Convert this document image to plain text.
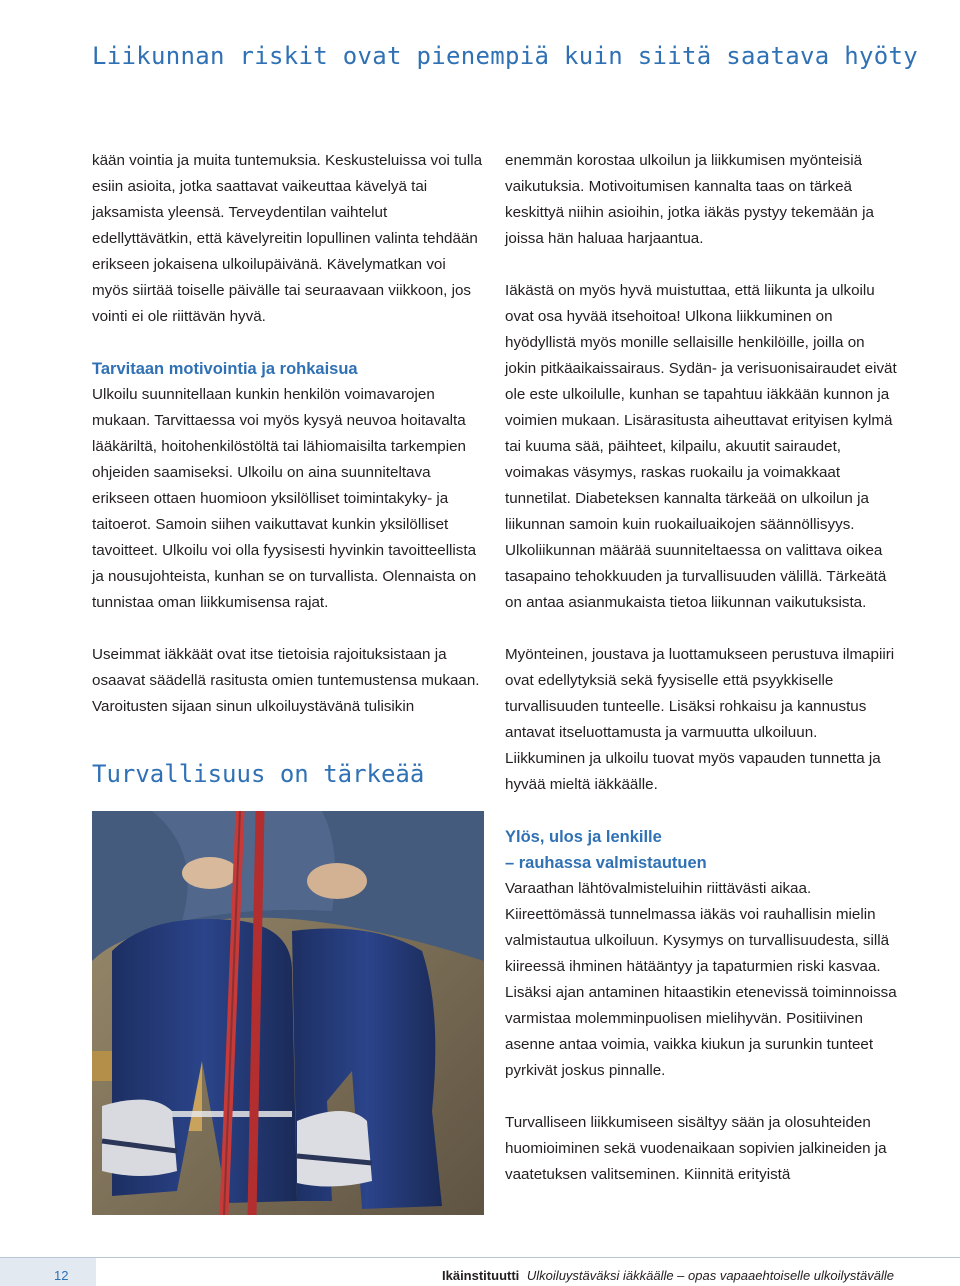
Liikunnan riskit ovat pienempiä kuin siitä saatava hyöty

kään vointia ja muita tuntemuksia. Keskusteluissa voi tulla esiin asioita, jotka saattavat vaikeuttaa kävelyä tai jaksamista yleensä. Terveydentilan vaihtelut edellyttävätkin, että kävelyreitin lopullinen valinta tehdään erikseen jokaisena ulkoilupäivänä. Kävelymatkan voi myös siirtää toiselle päivälle tai seuraavaan viikkoon, jos vointi ei ole riittävän hyvä.

Tarvitaan motivointia ja rohkaisua

Ulkoilu suunnitellaan kunkin henkilön voimavarojen mukaan. Tarvittaessa voi myös kysyä neuvoa hoitavalta lääkäriltä, hoitohenkilöstöltä tai lähiomaisilta tarkempien ohjeiden saamiseksi. Ulkoilu on aina suunniteltava erikseen ottaen huomioon yksilölliset toimintakyky- ja taitoerot. Samoin siihen vaikuttavat kunkin yksilölliset tavoitteet. Ulkoilu voi olla fyysisesti hyvinkin tavoitteellista ja nousujohteista, kunhan se on turvallista. Olennaista on tunnistaa oman liikkumisensa rajat.

Useimmat iäkkäät ovat itse tietoisia rajoituksistaan ja osaavat säädellä rasitusta omien tuntemustensa mukaan. Varoitusten sijaan sinun ulkoiluystävänä tulisikin

Turvallisuus on tärkeää

enemmän korostaa ulkoilun ja liikkumisen myönteisiä vaikutuksia. Motivoitumisen kannalta taas on tärkeä keskittyä niihin asioihin, jotka iäkäs pystyy tekemään ja joissa hän haluaa harjaantua.

Iäkästä on myös hyvä muistuttaa, että liikunta ja ulkoilu ovat osa hyvää itsehoitoa! Ulkona liikkuminen on hyödyllistä myös monille sellaisille henkilöille, joilla on jokin pitkäaikaissairaus. Sydän- ja verisuonisairaudet eivät ole este ulkoilulle, kunhan se tapahtuu iäkkään kunnon ja voimien mukaan. Lisärasitusta aiheuttavat erityisen kylmä tai kuuma sää, päihteet, kilpailu, akuutit sairaudet, voimakas väsymys, raskas ruokailu ja voimakkaat tunnetilat. Diabeteksen kannalta tärkeää on ulkoilun ja liikunnan samoin kuin ruokailuaikojen säännöllisyys. Ulkoliikunnan määrää suunniteltaessa on valittava oikea tasapaino tehokkuuden ja turvallisuuden välillä. Tärkeätä on antaa asianmukaista tietoa liikunnan vaikutuksista.

Myönteinen, joustava ja luottamukseen perustuva ilmapiiri ovat edellytyksiä sekä fyysiselle että psyykkiselle turvallisuuden tunteelle. Lisäksi rohkaisu ja kannustus antavat itseluottamusta ja varmuutta ulkoiluun. Liikkuminen ja ulkoilu tuovat myös vapauden tunnetta ja hyvää mieltä iäkkäälle.

Ylös, ulos ja lenkille
– rauhassa valmistautuen

Varaathan lähtövalmisteluihin riittävästi aikaa. Kiireettömässä tunnelmassa iäkäs voi rauhallisin mielin valmistautua ulkoiluun. Kysymys on turvallisuudesta, sillä kiireessä ihminen hätääntyy ja tapaturmien riski kasvaa. Lisäksi ajan antaminen hitaastikin etenevissä toiminnoissa varmistaa molemminpuolisen mielihyvän. Positiivinen asenne antaa voimia, vaikka kiukun ja surunkin tunteet pyrkivät joskus pinnalle.

Turvalliseen liikkumiseen sisältyy sään ja olosuhteiden huomioiminen sekä vuodenaikaan sopivien jalkineiden ja vaatetuksen valitseminen. Kiinnitä erityistä

12	Ikäinstituutti Ulkoiluystäväksi iäkkäälle – opas vapaaehtoiselle ulkoilystävälle
